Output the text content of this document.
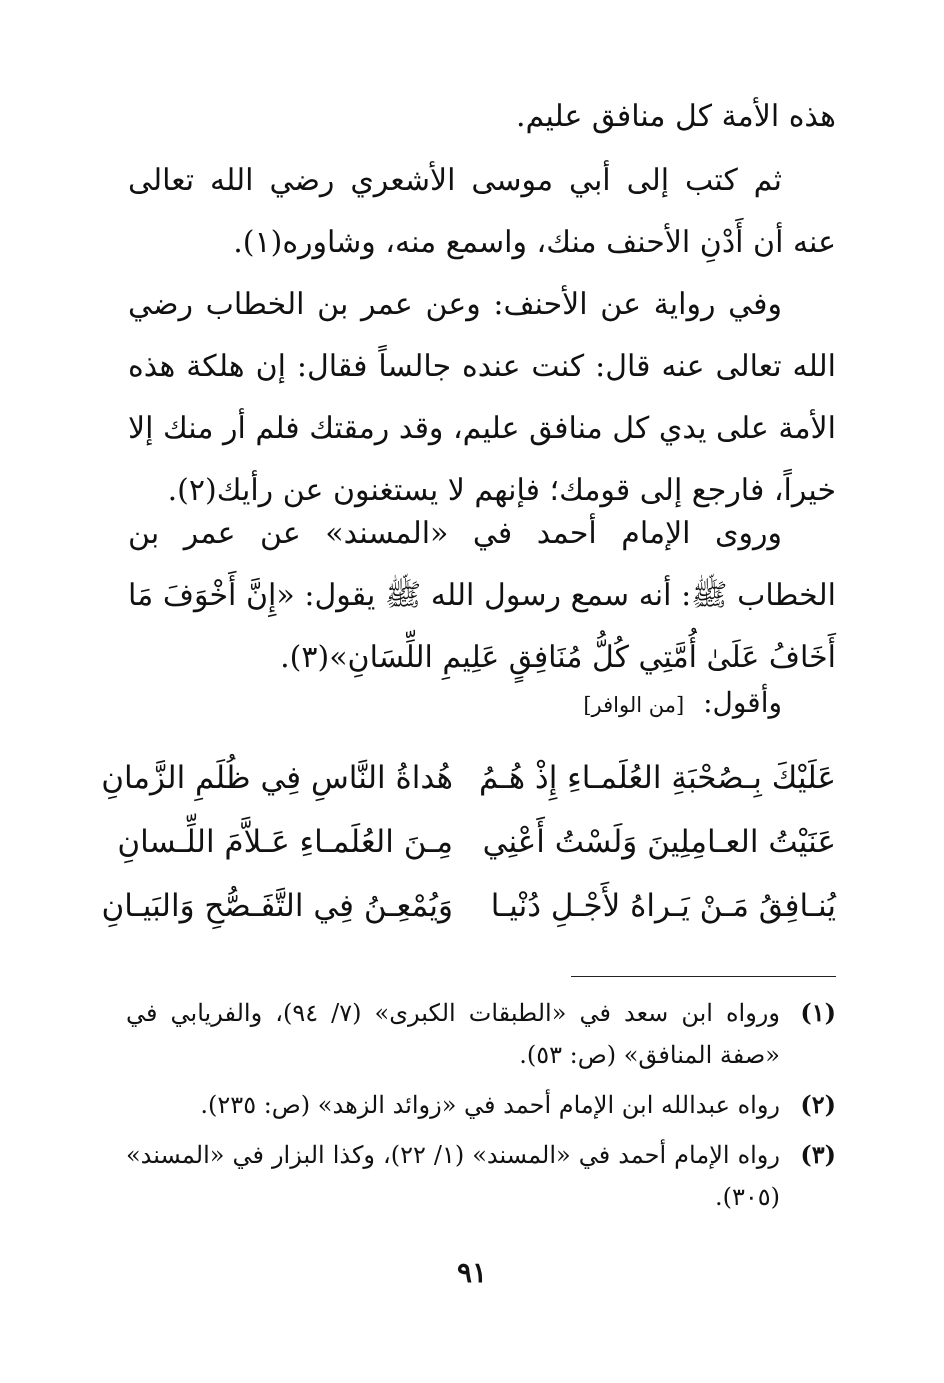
هذه الأمة كل منافق عليم.
ثم كتب إلى أبي موسى الأشعري رضي الله تعالى عنه أن أَدْنِ الأحنف منك، واسمع منه، وشاوره(١).
وفي رواية عن الأحنف: وعن عمر بن الخطاب رضي الله تعالى عنه قال: كنت عنده جالساً فقال: إن هلكة هذه الأمة على يدي كل منافق عليم، وقد رمقتك فلم أر منك إلا خيراً، فارجع إلى قومك؛ فإنهم لا يستغنون عن رأيك(٢).
وروى الإمام أحمد في «المسند» عن عمر بن الخطاب ﷺ: أنه سمع رسول الله ﷺ يقول: «إِنَّ أَخْوَفَ مَا أَخَافُ عَلَىٰ أُمَّتِي كُلُّ مُنَافِقٍ عَلِيمِ اللِّسَانِ»(٣).
وأقول: [من الوافر]
عَلَيْكَ بِـصُحْبَةِ العُلَمـاءِ إِذْ هُـمُ
هُداةُ النَّاسِ فِي ظُلَمِ الزَّمانِ
عَنَيْتُ العـامِلِينَ وَلَسْتُ أَعْنِي
مِـنَ العُلَمـاءِ عَـلاَّمَ اللِّـسانِ
يُنـافِقُ مَـنْ يَـراهُ لأَجْـلِ دُنْيـا
وَيُمْعِـنُ فِي التَّفَـصُّحِ وَالبَيـانِ
(١)
ورواه ابن سعد في «الطبقات الكبرى» (٧/ ٩٤)، والفريابي في «صفة المنافق» (ص: ٥٣).
(٢)
رواه عبدالله ابن الإمام أحمد في «زوائد الزهد» (ص: ٢٣٥).
(٣)
رواه الإمام أحمد في «المسند» (١/ ٢٢)، وكذا البزار في «المسند» (٣٠٥).
٩١
